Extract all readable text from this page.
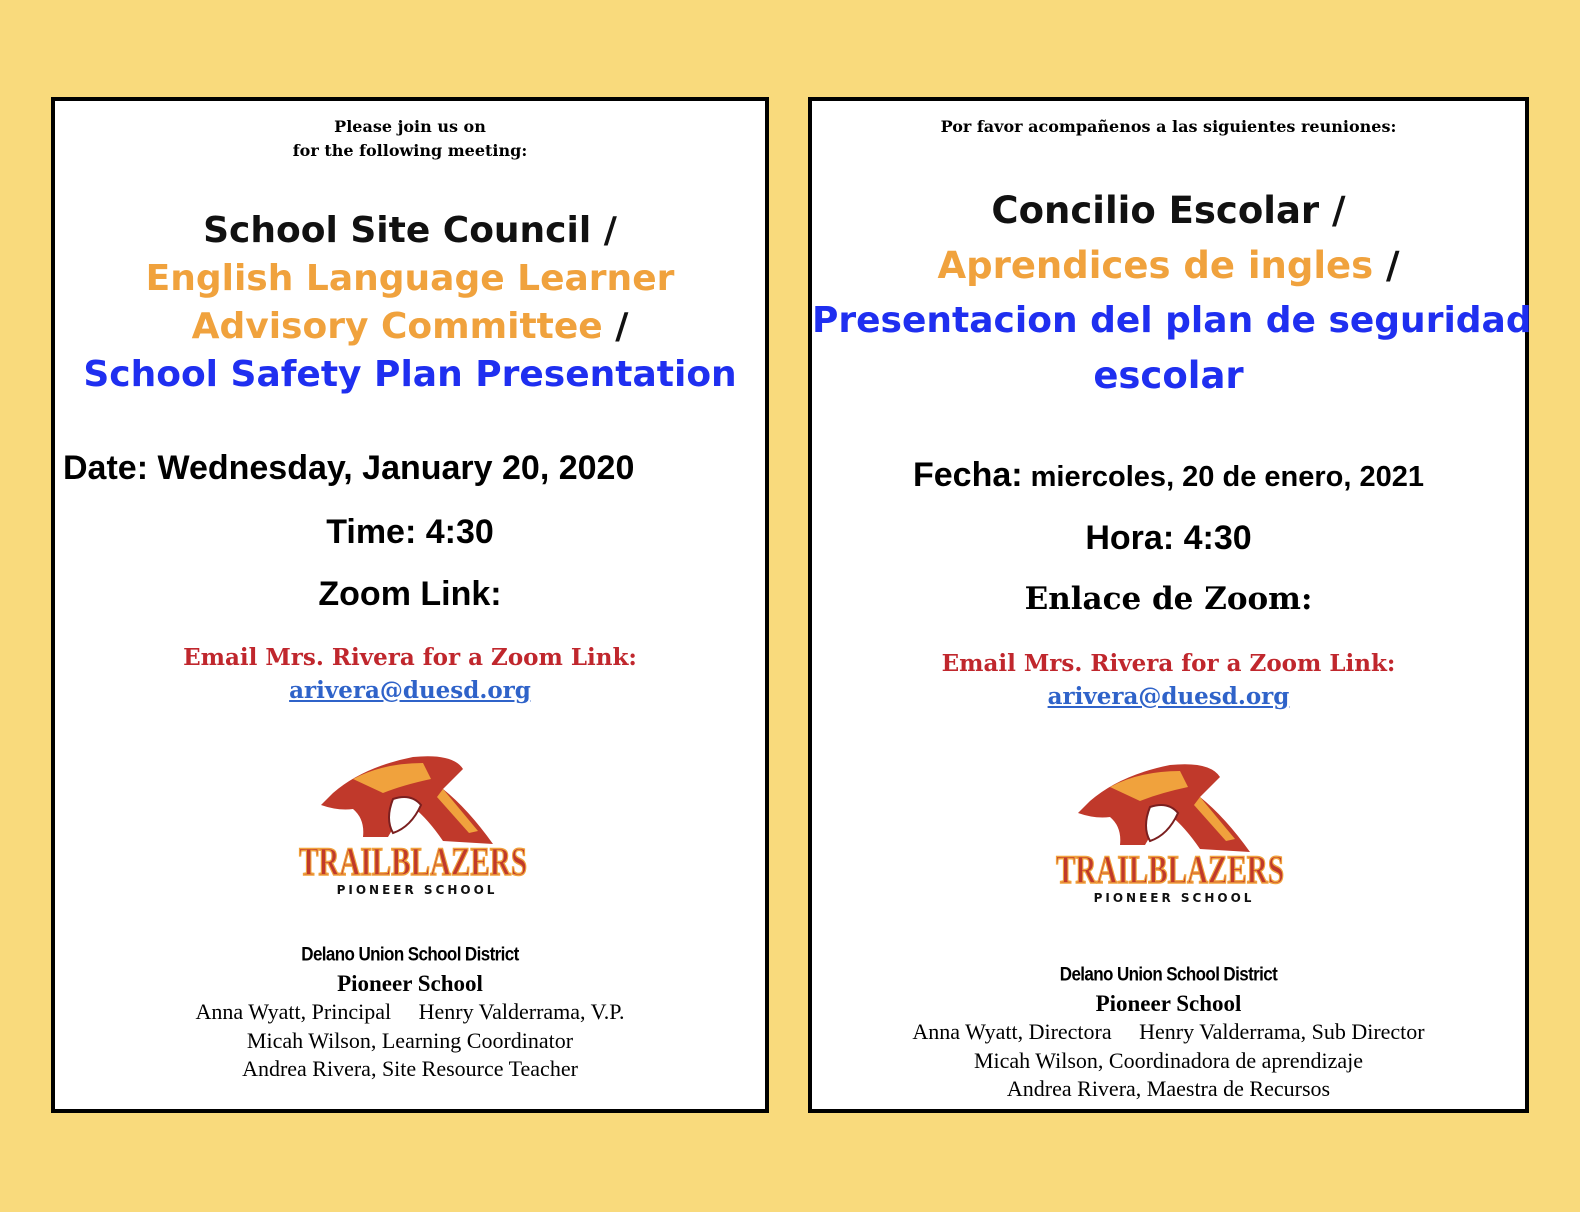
Please join us on
for the following meeting:
School Site Council /
English Language Learner
Advisory Committee /
School Safety Plan Presentation
Date: Wednesday, January 20, 2020
Time: 4:30
Zoom Link:
Email Mrs. Rivera for a Zoom Link:
arivera@duesd.org
TRAILBLAZERS
PIONEER SCHOOL
Delano Union School District
Pioneer School
Anna Wyatt, Principal     Henry Valderrama, V.P.
Micah Wilson, Learning Coordinator
Andrea Rivera, Site Resource Teacher
Por favor acompañenos a las siguientes reuniones:
Concilio Escolar /
Aprendices de ingles /
Presentacion del plan de seguridad
escolar
Fecha: miercoles, 20 de enero, 2021
Hora: 4:30
Enlace de Zoom:
Email Mrs. Rivera for a Zoom Link:
arivera@duesd.org
TRAILBLAZERS
PIONEER SCHOOL
Delano Union School District
Pioneer School
Anna Wyatt, Directora     Henry Valderrama, Sub Director
Micah Wilson, Coordinadora de aprendizaje
Andrea Rivera, Maestra de Recursos
